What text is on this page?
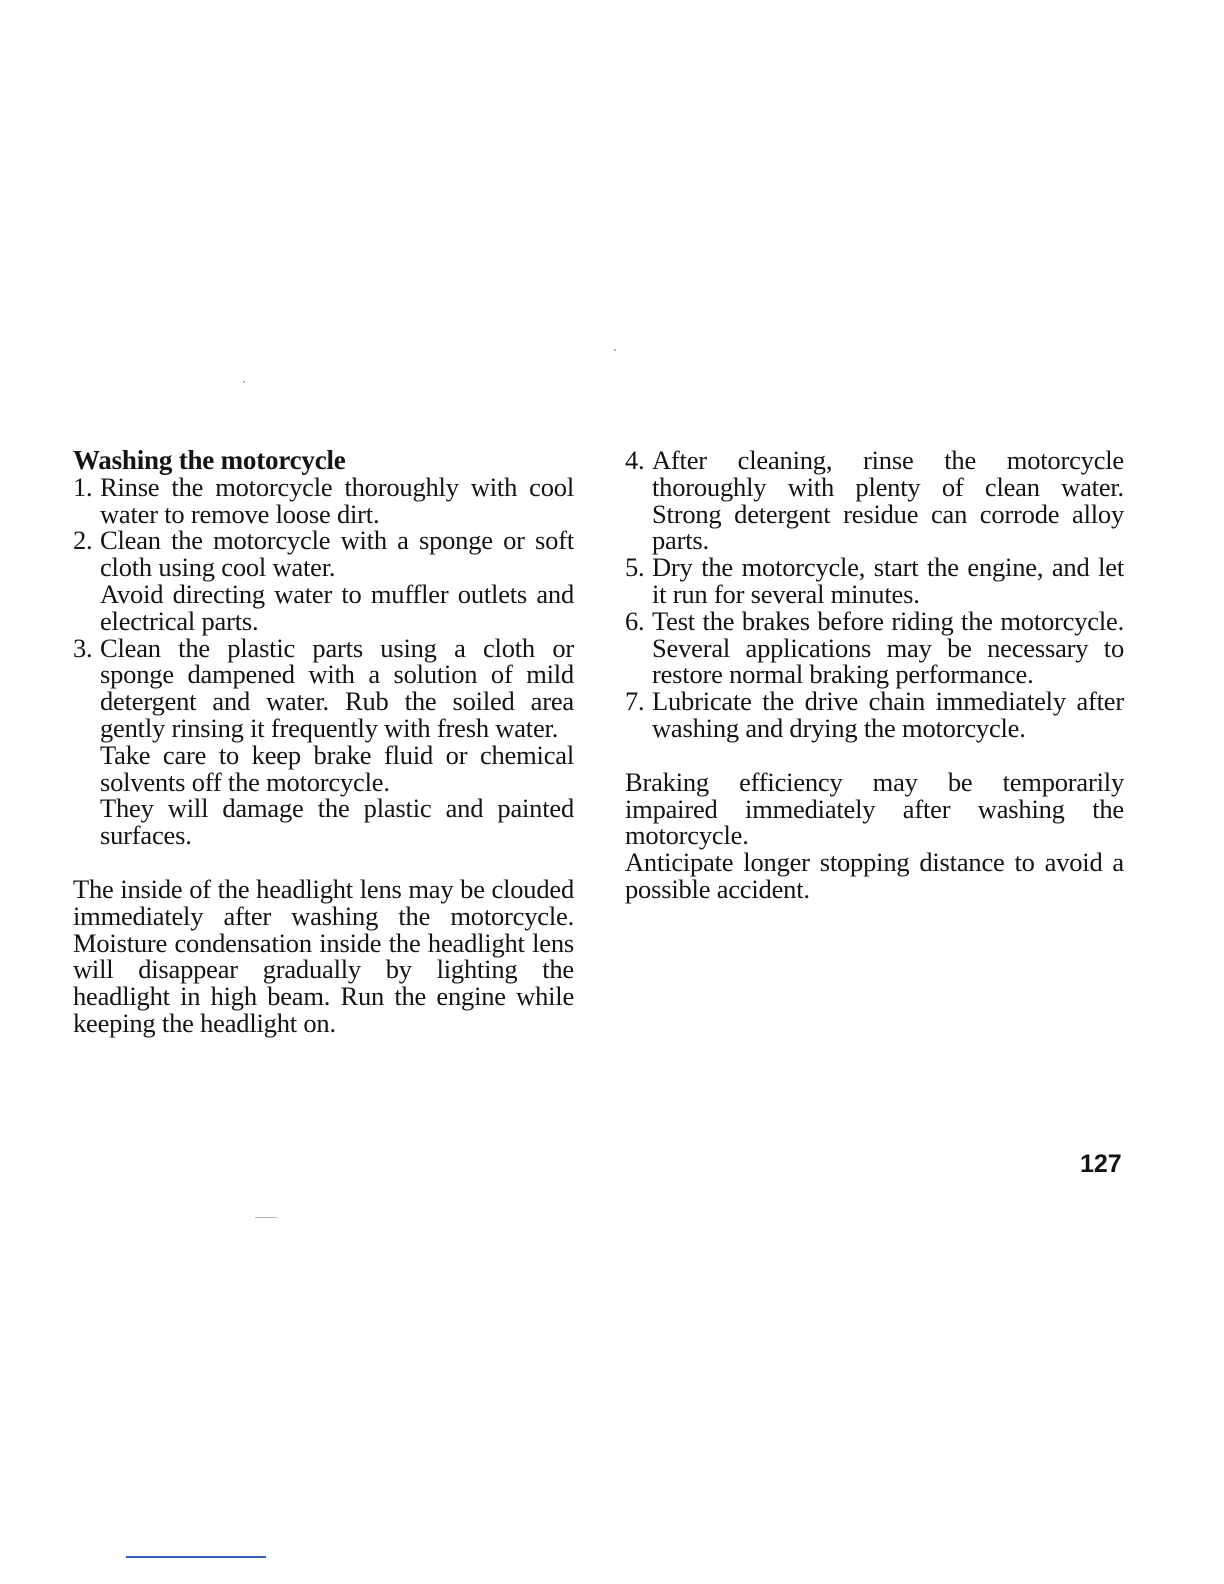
Washing the motorcycle
1. Rinse the motorcycle thoroughly with cool water to remove loose dirt.

2. Clean the motorcycle with a sponge or soft cloth using cool water.

Avoid directing water to muffler outlets and electrical parts.

3. Clean the plastic parts using a cloth or sponge dampened with a solution of mild detergent and water. Rub the soiled area gently rinsing it frequently with fresh water.

Take care to keep brake fluid or chemical solvents off the motorcycle.

They will damage the plastic and painted surfaces.

The inside of the headlight lens may be clouded immediately after washing the motorcycle. Moisture condensation inside the headlight lens will disappear gradually by lighting the headlight in high beam. Run the engine while keeping the headlight on.

4. After cleaning, rinse the motorcycle thoroughly with plenty of clean water. Strong detergent residue can corrode alloy parts.

5. Dry the motorcycle, start the engine, and let it run for several minutes.

6. Test the brakes before riding the motorcycle. Several applications may be necessary to restore normal braking performance.

7. Lubricate the drive chain immediately after washing and drying the motorcycle.

Braking efficiency may be temporarily impaired immediately after washing the motorcycle.

Anticipate longer stopping distance to avoid a possible accident.

127
